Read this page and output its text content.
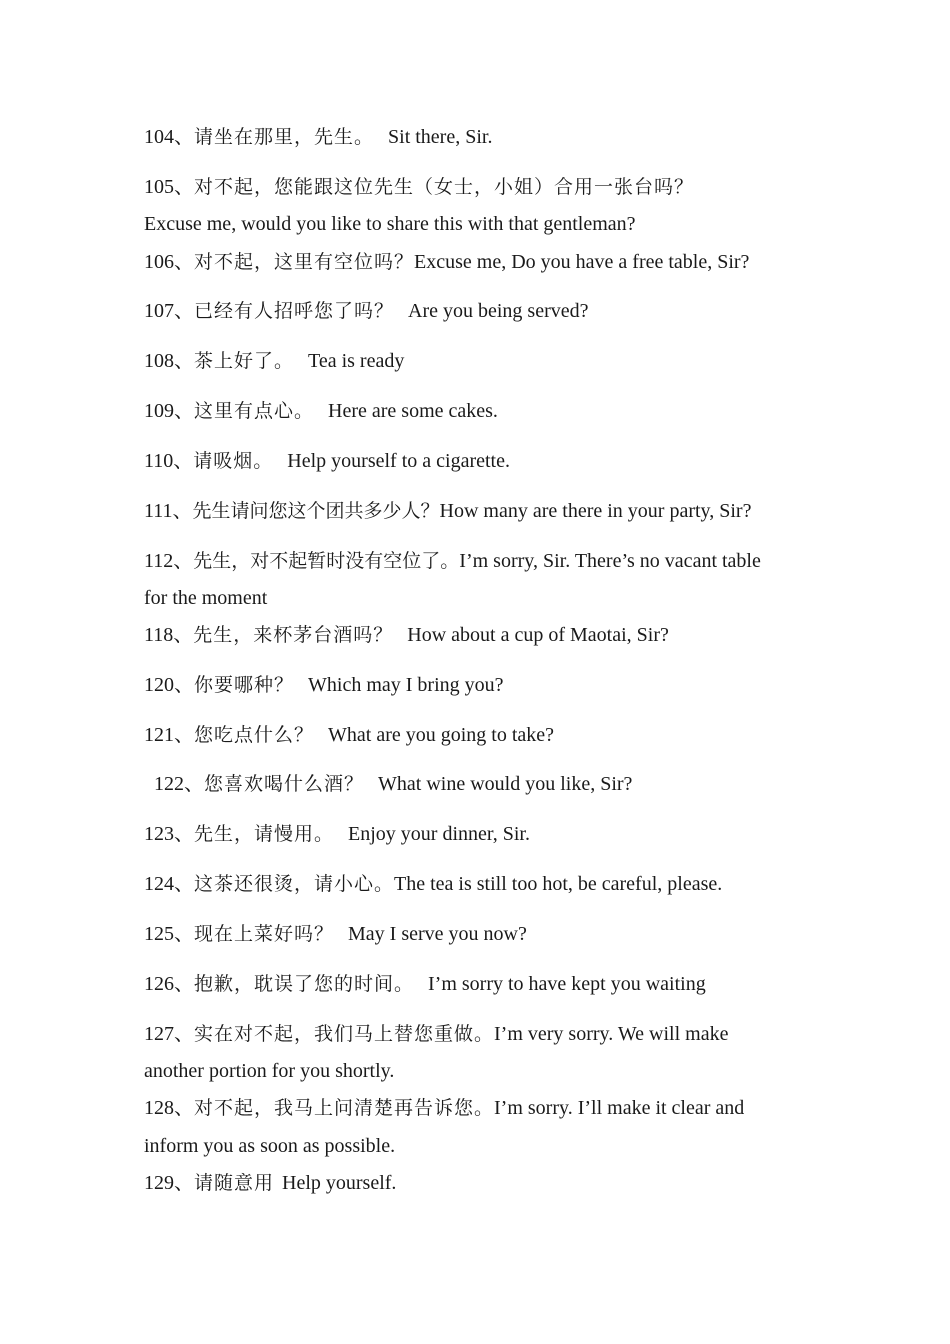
104、请坐在那里，先生。 Sit there, Sir.
105、对不起，您能跟这位先生（女士，小姐）合用一张台吗？
Excuse me, would you like to share this with that gentleman?
106、对不起，这里有空位吗？Excuse me, Do you have a free table, Sir?
107、已经有人招呼您了吗？ Are you being served?
108、茶上好了。 Tea is ready
109、这里有点心。 Here are some cakes.
110、请吸烟。 Help yourself to a cigarette.
111、先生请问您这个团共多少人？How many are there in your party, Sir?
112、先生，对不起暂时没有空位了。I’m sorry, Sir. There’s no vacant table
for the moment
118、先生，来杯茅台酒吗？ How about a cup of Maotai, Sir?
120、你要哪种？ Which may I bring you?
121、您吃点什么？ What are you going to take?
122、您喜欢喝什么酒？ What wine would you like, Sir?
123、先生，请慢用。 Enjoy your dinner, Sir.
124、这茶还很烫，请小心。The tea is still too hot, be careful, please.
125、现在上菜好吗？ May I serve you now?
126、抱歉，耽误了您的时间。 I’m sorry to have kept you waiting
127、实在对不起，我们马上替您重做。I’m very sorry. We will make
another portion for you shortly.
128、对不起，我马上问清楚再告诉您。I’m sorry. I’ll make it clear and
inform you as soon as possible.
129、请随意用 Help yourself.
